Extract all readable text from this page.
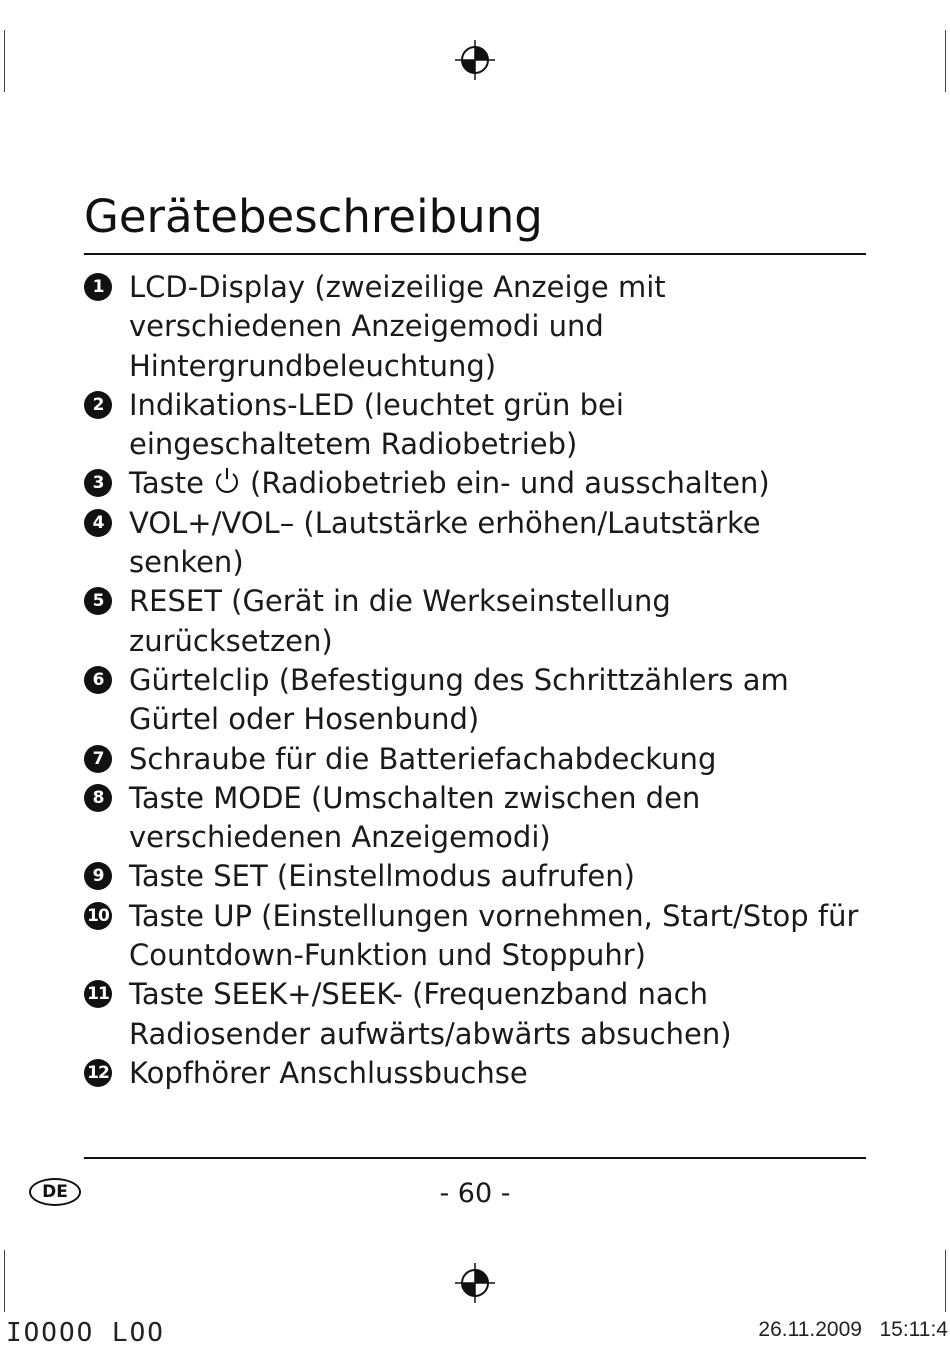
Gerätebeschreibung
1 LCD-Display (zweizeilige Anzeige mit verschiedenen Anzeigemodi und Hintergrundbeleuchtung)
2 Indikations-LED (leuchtet grün bei eingeschaltetem Radiobetrieb)
3 Taste (Radiobetrieb ein- und ausschalten)
4 VOL+/VOL– (Lautstärke erhöhen/Lautstärke senken)
5 RESET (Gerät in die Werkseinstellung zurücksetzen)
6 Gürtelclip (Befestigung des Schrittzählers am Gürtel oder Hosenbund)
7 Schraube für die Batteriefachabdeckung
8 Taste MODE (Umschalten zwischen den verschiedenen Anzeigemodi)
9 Taste SET (Einstellmodus aufrufen)
10 Taste UP (Einstellungen vornehmen, Start/Stop für Countdown-Funktion und Stoppuhr)
11 Taste SEEK+/SEEK- (Frequenzband nach Radiosender aufwärts/abwärts absuchen)
12 Kopfhörer Anschlussbuchse
DE	- 60 -
IOOOO LOO	26.11.2009 15:11:4
